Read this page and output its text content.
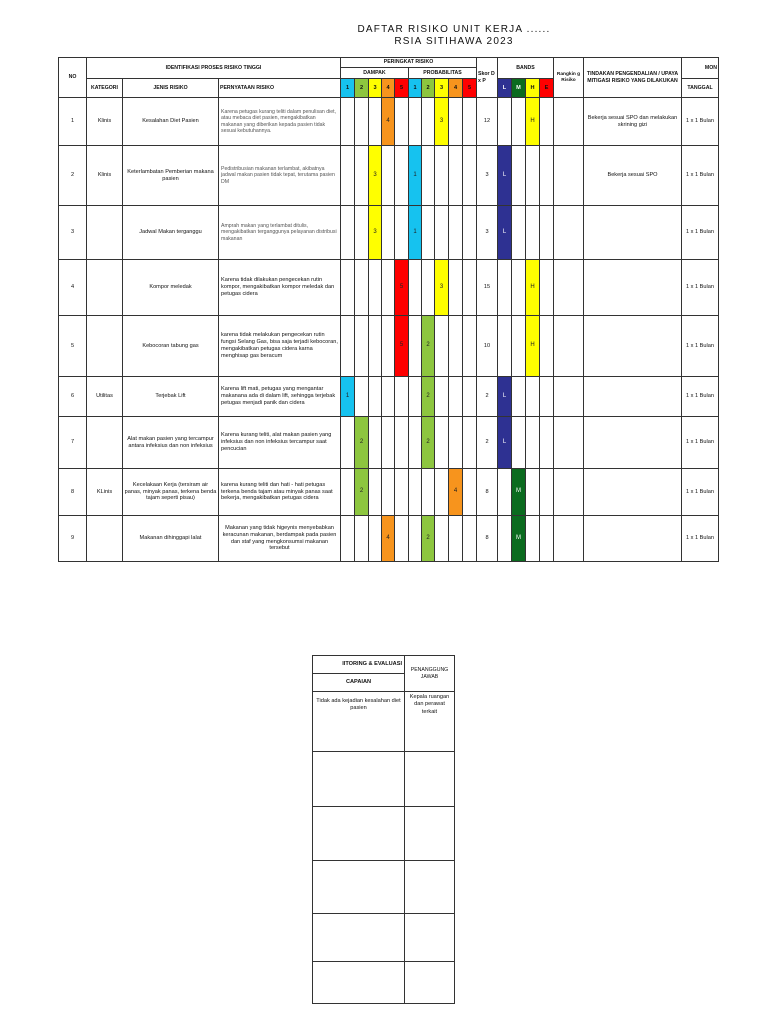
DAFTAR RISIKO UNIT KERJA ......
RSIA SITIHAWA 2023
NO	IDENTIFIKASI PROSES RISIKO TINGGI			PERINGKAT RISIKO										Skor D x P	BANDS				Rangkin g Risiko	TINDAKAN PENGENDALIAN / UPAYA MITIGASI RISIKO YANG DILAKUKAN	MON
				DAMPAK					PROBABILITAS												
	KATEGORI	JENIS RISIKO	PERNYATAAN RISIKO	1	2	3	4	5	1	2	3	4	5		L	M	H	E			TANGGAL
1	Klinis	Kesalahan Diet Pasien	Karena petugas kurang teliti dalam penulisan diet, atau mebaca diet pasien, mengakibatkan makanan yang diberikan kepada pasien tidak sesuai kebutuhannya.				4				3			12			H			Bekerja sesuai SPO dan melakukan skrining gizi	1 x 1 Bulan
2	Klinis	Keterlambatan Pemberian makana pasien	Pedistribusian makanan terlambat, akibatnya jadwal makan pasien tidak tepat, terutama pasien DM			3			1					3	L					Bekerja sesuai SPO	1 x 1 Bulan
3		Jadwal Makan terganggu	Amprah makan yang terlambat ditulis, mengakibatkan terganggunya pelayanan distribusi makanan			3			1					3	L						1 x 1 Bulan
4		Kompor meledak	Karena tidak dilakukan pengecekan rutin kompor, mengakibatkan kompor meledak dan petugas cidera					5			3			15			H				1 x 1 Bulan
5		Kebocoran tabung gas	karena tidak melakukan pengecekan rutin fungsi Selang Gas, bisa saja terjadi kebocoran, mengakibatkan petugas cidera karna menghisap gas beracum					5		2				10			H				1 x 1 Bulan
6	Utilitas	Terjebak Lift	Karena lift mati, petugas yang mengantar makanana ada di dalam lift, sehingga terjebak petugas menjadi panik dan cidera	1						2				2	L						1 x 1 Bulan
7		Alat makan pasien yang tercampur antara infeksius dan non infeksius	Karena kurang teliti, alat makan pasien yang infeksius dan non infeksius tercampur saat pencucian		2					2				2	L						1 x 1 Bulan
8	KLinis	Kecelakaan Kerja (tersiram air panas, minyak panas, terkena benda tajam seperti pisau)	karena kurang teliti dan hati - hati petugas terkena benda tajam atau minyak panas saat bekerja, mengakibatkan petugas cidera		2							4		8		M					1 x 1 Bulan
9		Makanan dihinggapi lalat	Makanan yang tidak higeynis menyebabkan keracunan makanan, berdampak pada pasien dan staf yang mengkonsumsi makanan tersebut				4			2				8		M					1 x 1 Bulan
IITORING & EVALUASI	PENANGGUNG JAWAB
CAPAIAN	
Tidak ada kejadian kesalahan diet pasien	Kepala ruangan dan perawat terkait
